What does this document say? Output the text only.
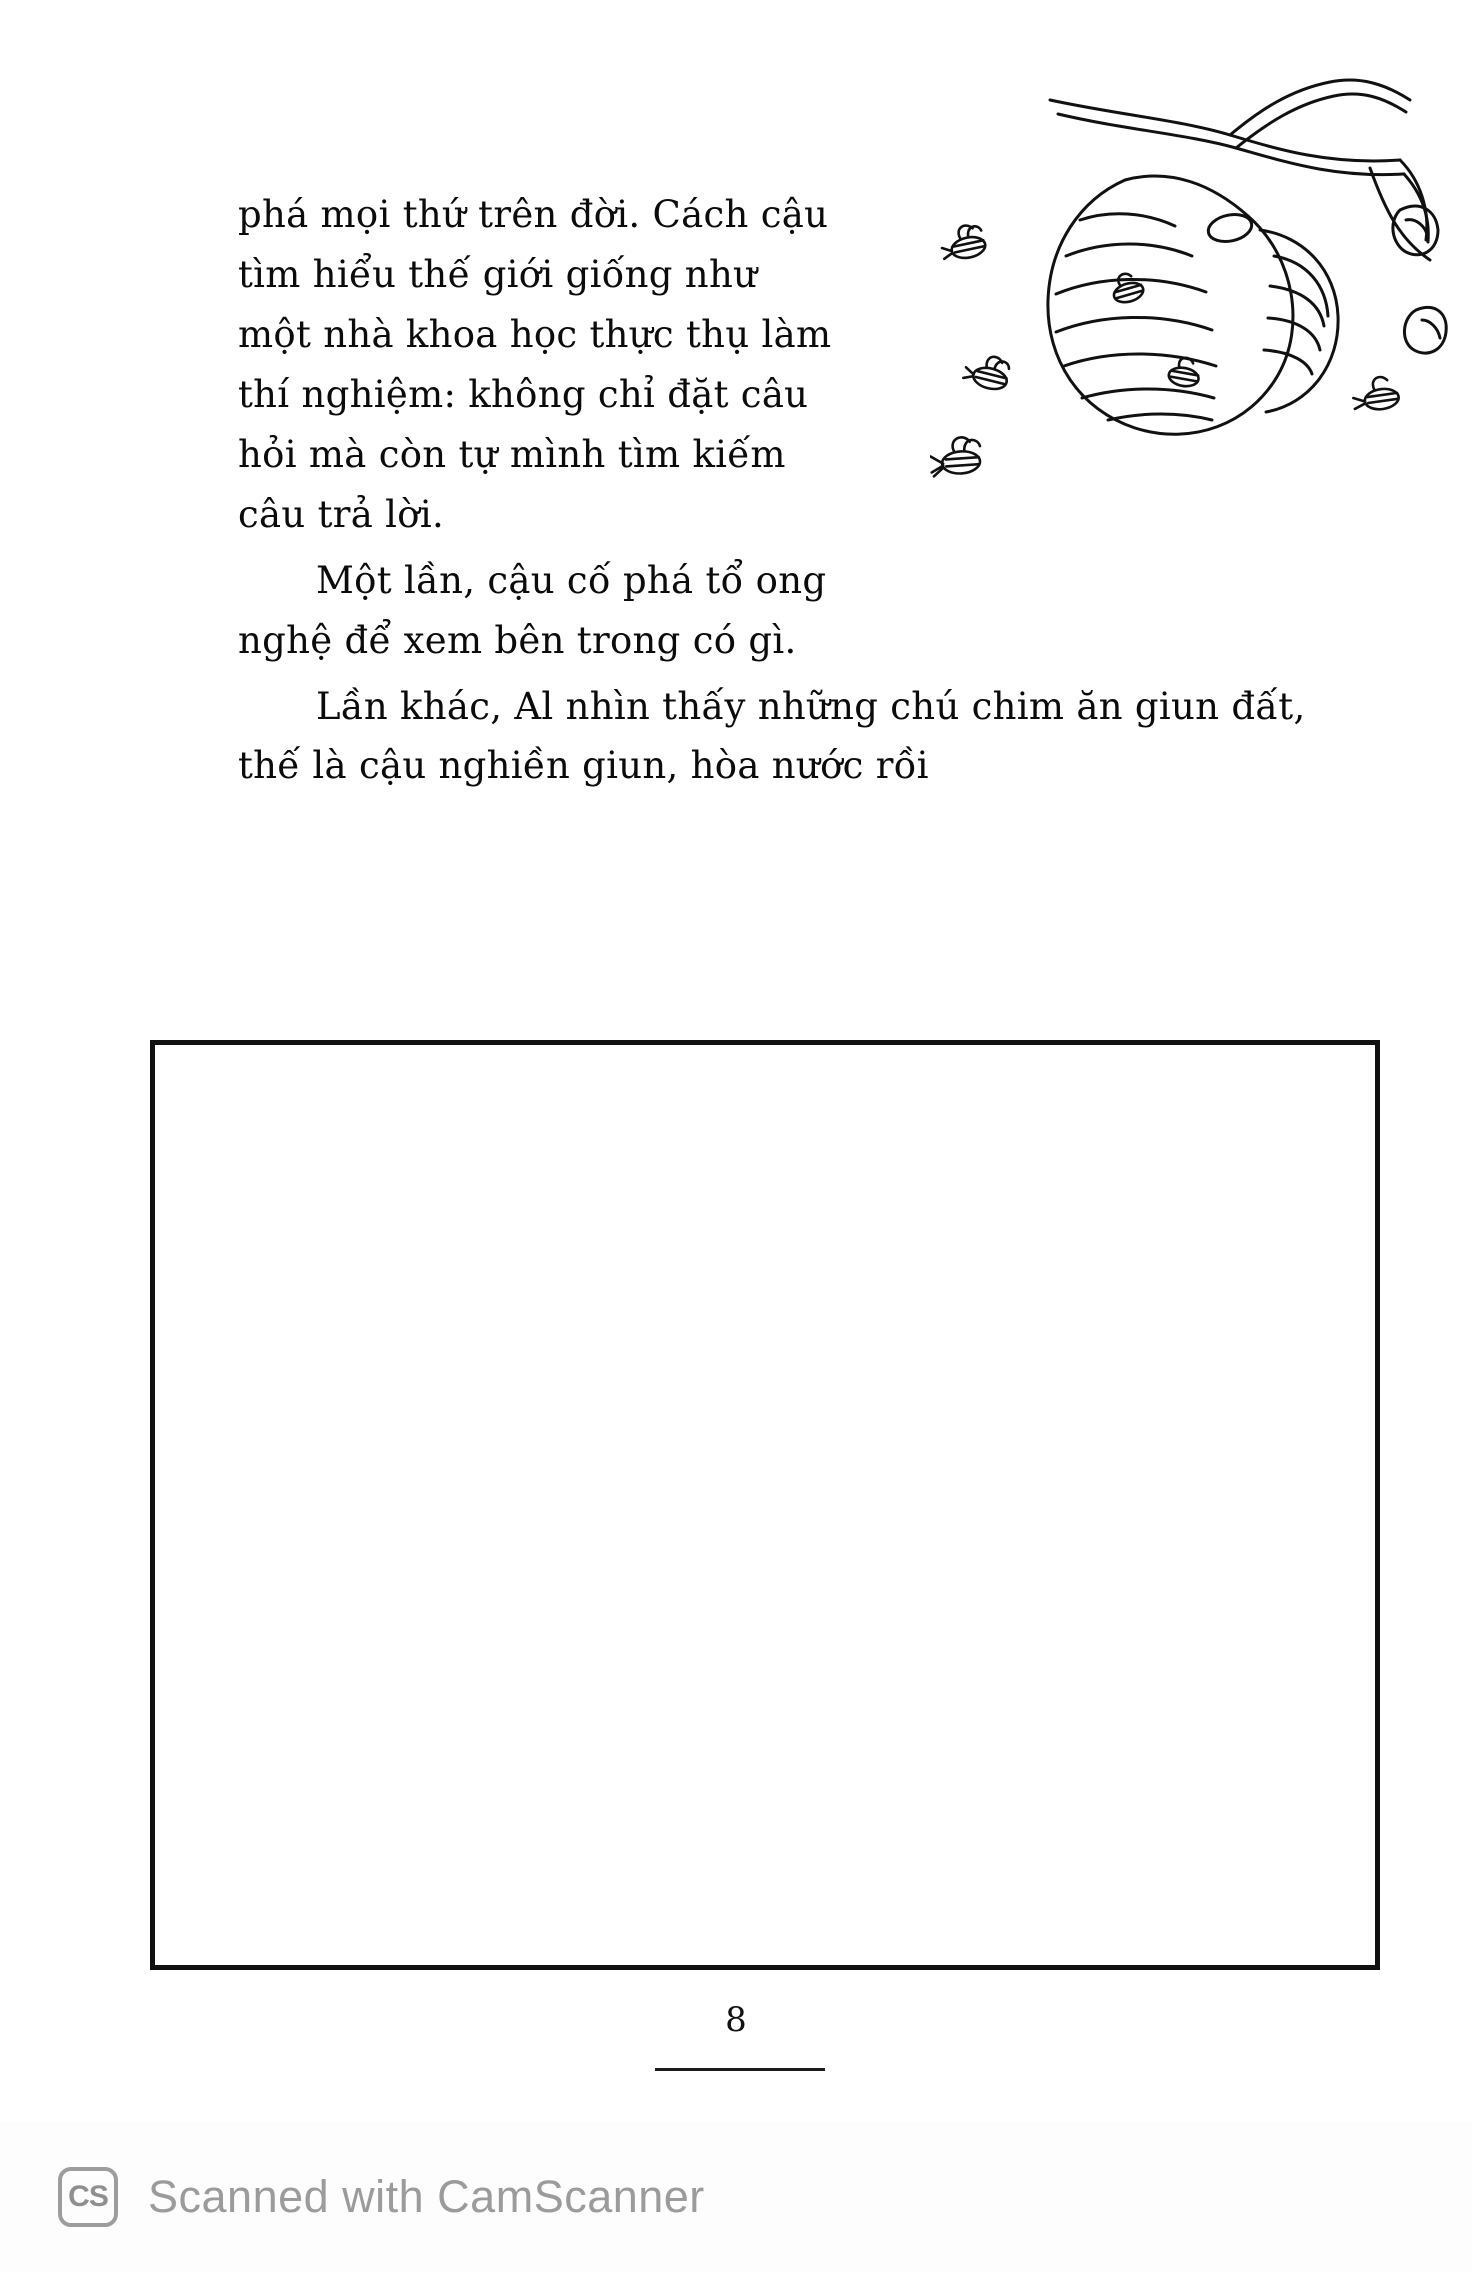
phá mọi thứ trên đời. Cách cậu tìm hiểu thế giới giống như một nhà khoa học thực thụ làm thí nghiệm: không chỉ đặt câu hỏi mà còn tự mình tìm kiếm câu trả lời.

Một lần, cậu cố phá tổ ong nghệ để xem bên trong có gì.

Lần khác, Al nhìn thấy những chú chim ăn giun đất, thế là cậu nghiền giun, hòa nước rồi

8
CS Scanned with CamScanner
